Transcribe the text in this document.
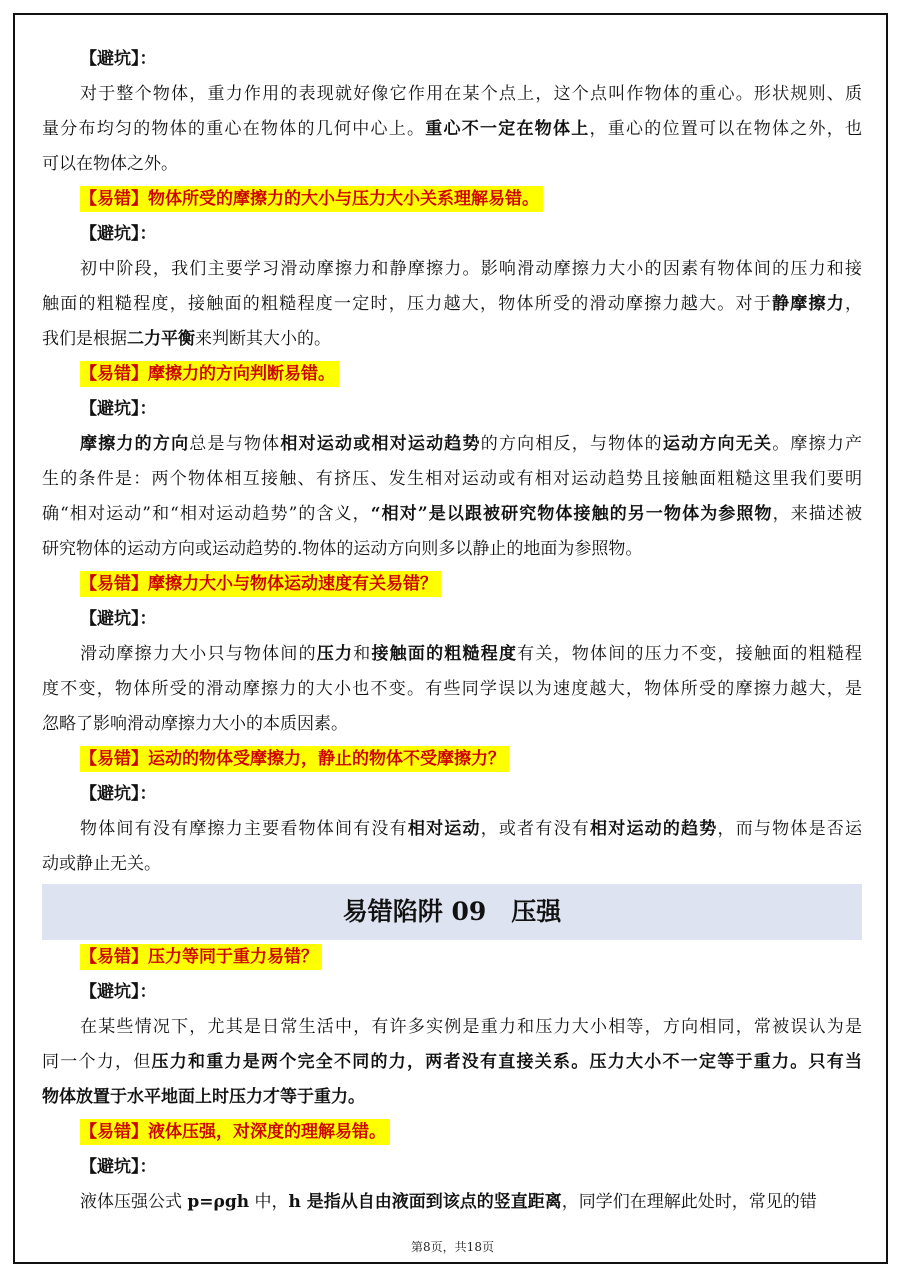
【避坑】：
对于整个物体，重力作用的表现就好像它作用在某个点上，这个点叫作物体的重心。形状规则、质
量分布均匀的物体的重心在物体的几何中心上。重心不一定在物体上，重心的位置可以在物体之外，也
可以在物体之外。
【易错】物体所受的摩擦力的大小与压力大小关系理解易错。
【避坑】：
初中阶段，我们主要学习滑动摩擦力和静摩擦力。影响滑动摩擦力大小的因素有物体间的压力和接
触面的粗糙程度，接触面的粗糙程度一定时，压力越大，物体所受的滑动摩擦力越大。对于静摩擦力，
我们是根据二力平衡来判断其大小的。
【易错】摩擦力的方向判断易错。
【避坑】：
摩擦力的方向总是与物体相对运动或相对运动趋势的方向相反，与物体的运动方向无关。摩擦力产
生的条件是：两个物体相互接触、有挤压、发生相对运动或有相对运动趋势且接触面粗糙这里我们要明
确“相对运动”和“相对运动趋势”的含义，“相对”是以跟被研究物体接触的另一物体为参照物，来描述被
研究物体的运动方向或运动趋势的.物体的运动方向则多以静止的地面为参照物。
【易错】摩擦力大小与物体运动速度有关易错？
【避坑】：
滑动摩擦力大小只与物体间的压力和接触面的粗糙程度有关，物体间的压力不变，接触面的粗糙程
度不变，物体所受的滑动摩擦力的大小也不变。有些同学误以为速度越大，物体所受的摩擦力越大，是
忽略了影响滑动摩擦力大小的本质因素。
【易错】运动的物体受摩擦力，静止的物体不受摩擦力？
【避坑】：
物体间有没有摩擦力主要看物体间有没有相对运动，或者有没有相对运动的趋势，而与物体是否运
动或静止无关。
易错陷阱 09　压强
【易错】压力等同于重力易错？
【避坑】：
在某些情况下，尤其是日常生活中，有许多实例是重力和压力大小相等，方向相同，常被误认为是
同一个力，但压力和重力是两个完全不同的力，两者没有直接关系。压力大小不一定等于重力。只有当
物体放置于水平地面上时压力才等于重力。
【易错】液体压强，对深度的理解易错。
【避坑】：
液体压强公式 p=ρgh 中，h 是指从自由液面到该点的竖直距离，同学们在理解此处时，常见的错
第8页，共18页
